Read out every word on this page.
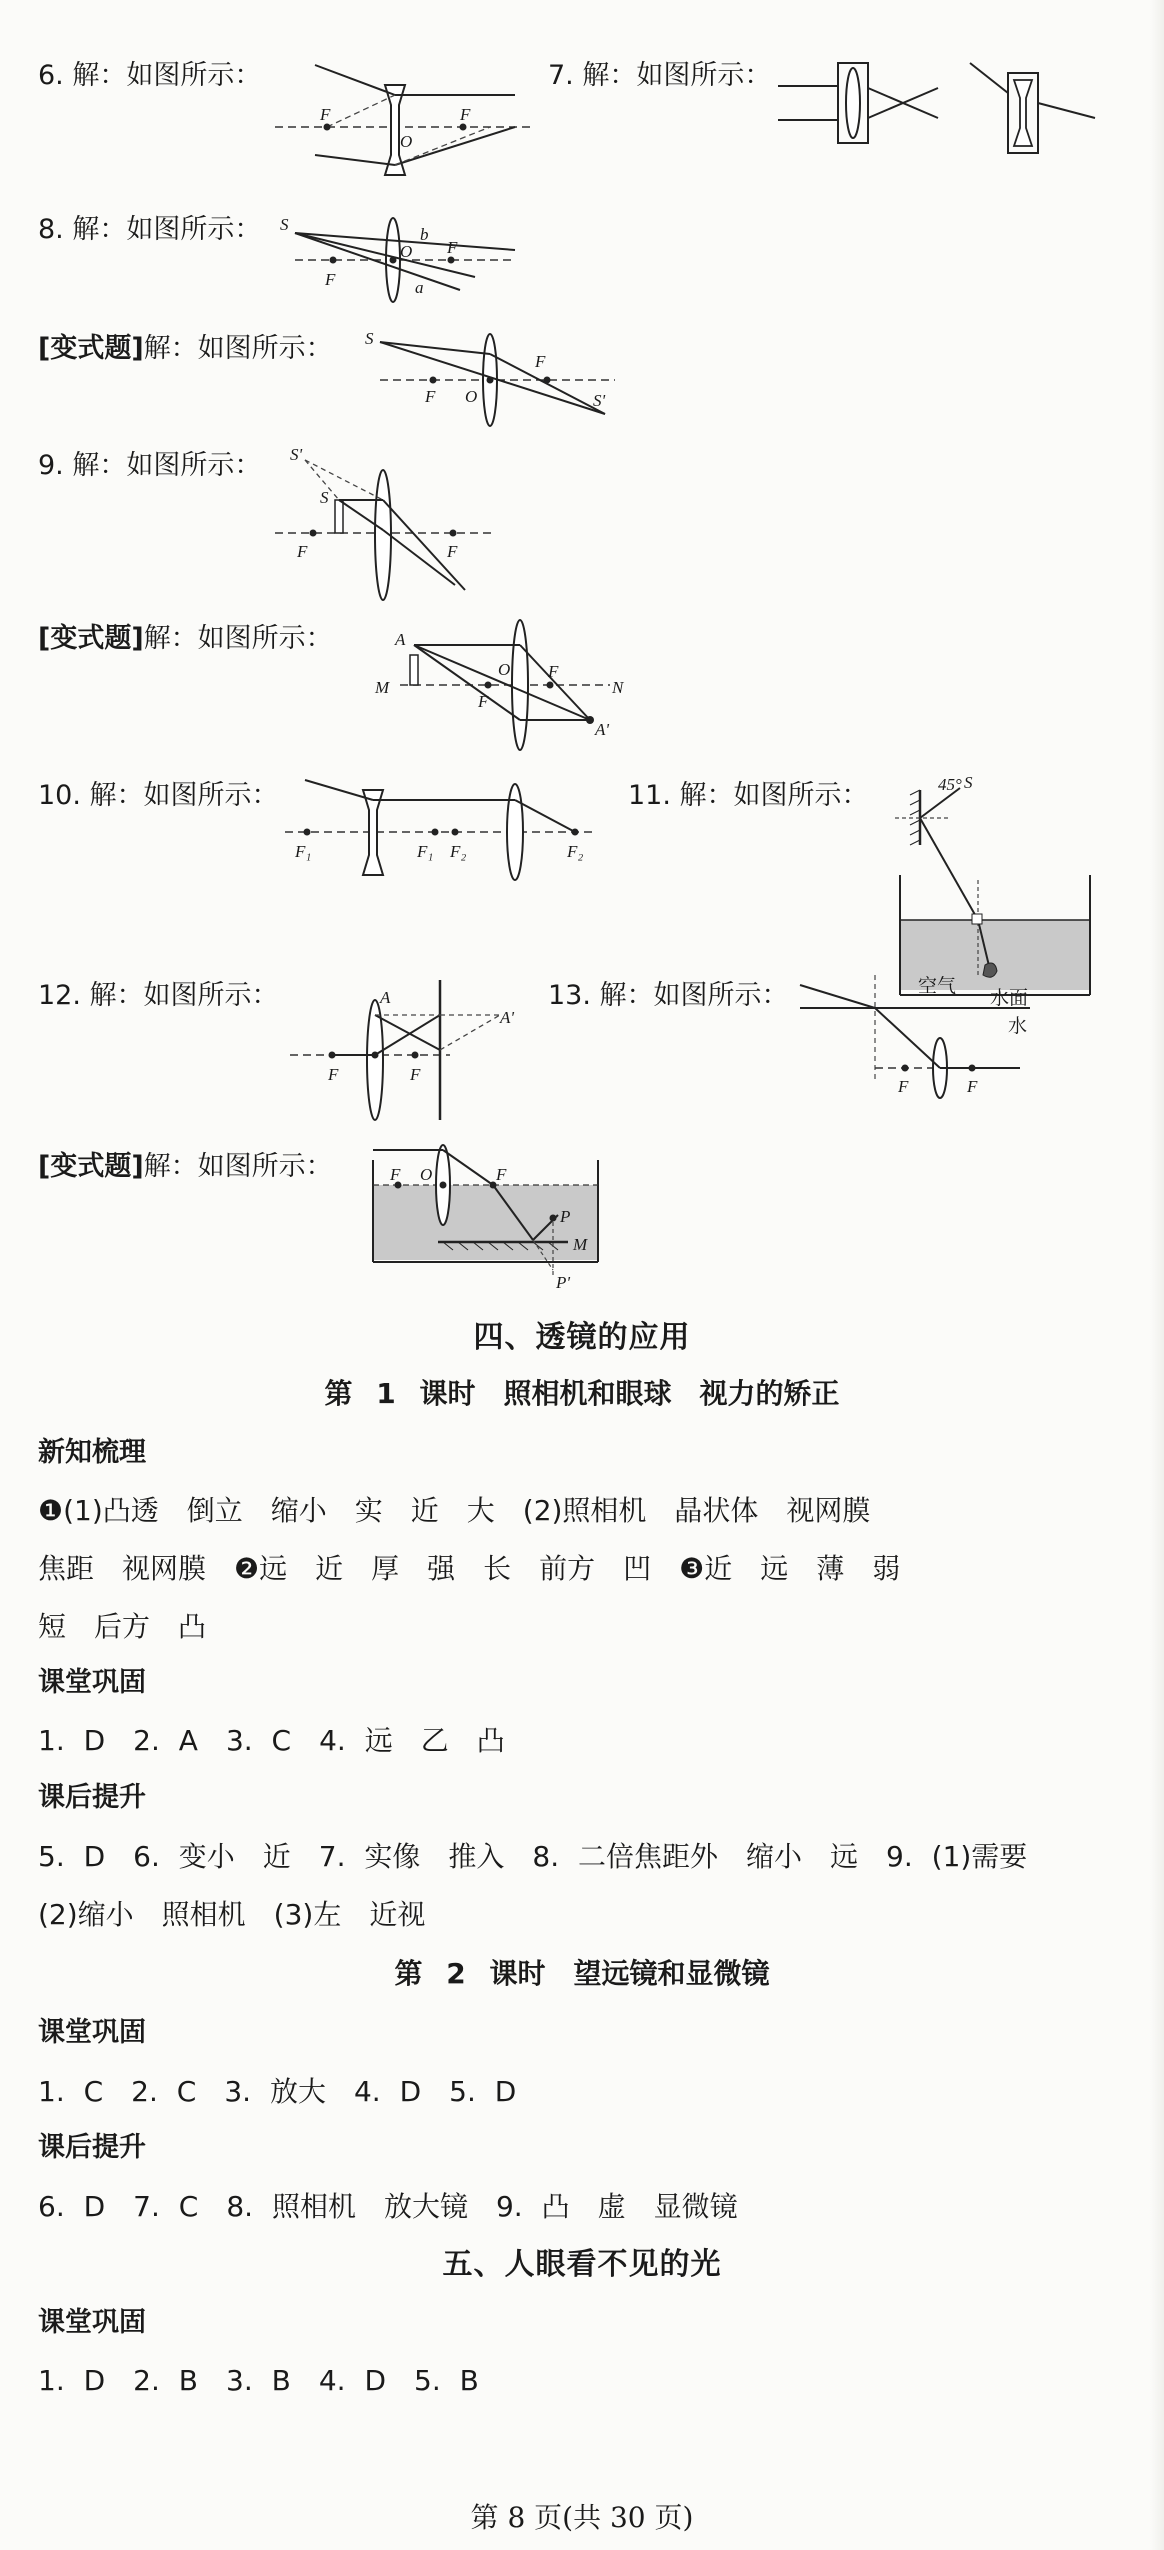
6. 解：如图所示：
F	F
O
7. 解：如图所示：
8. 解：如图所示： S
F
O
b
F
a
[变式题]解：如图所示： S
F O
F
S'
9. 解：如图所示： S'
S
F	F
[变式题]解：如图所示：	A
M
O F
F
N
A'
10. 解：如图所示：
F₁	F₁ F₂	F₂
11. 解：如图所示：	45° S
12. 解：如图所示：	A
A'
F	F
13. 解：如图所示：	空气
水面
水
F	F
[变式题]解：如图所示：	F O	F
P
M
P'
四、透镜的应用
第 1 课时　照相机和眼球　视力的矫正
新知梳理
❶(1)凸透　倒立　缩小　实　近　大　(2)照相机　晶状体　视网膜
焦距　视网膜　❷远　近　厚　强　长　前方　凹　❸近　远　薄　弱
短　后方　凸
课堂巩固
1. D　2. A　3. C　4. 远　乙　凸
课后提升
5. D　6. 变小　近　7. 实像　推入　8. 二倍焦距外　缩小　远　9. (1)需要
(2)缩小　照相机　(3)左　近视
第 2 课时　望远镜和显微镜
课堂巩固
1. C　2. C　3. 放大　4. D　5. D
课后提升
6. D　7. C　8. 照相机　放大镜　9. 凸　虚　显微镜
五、人眼看不见的光
课堂巩固
1. D　2. B　3. B　4. D　5. B
第 8 页(共 30 页)
